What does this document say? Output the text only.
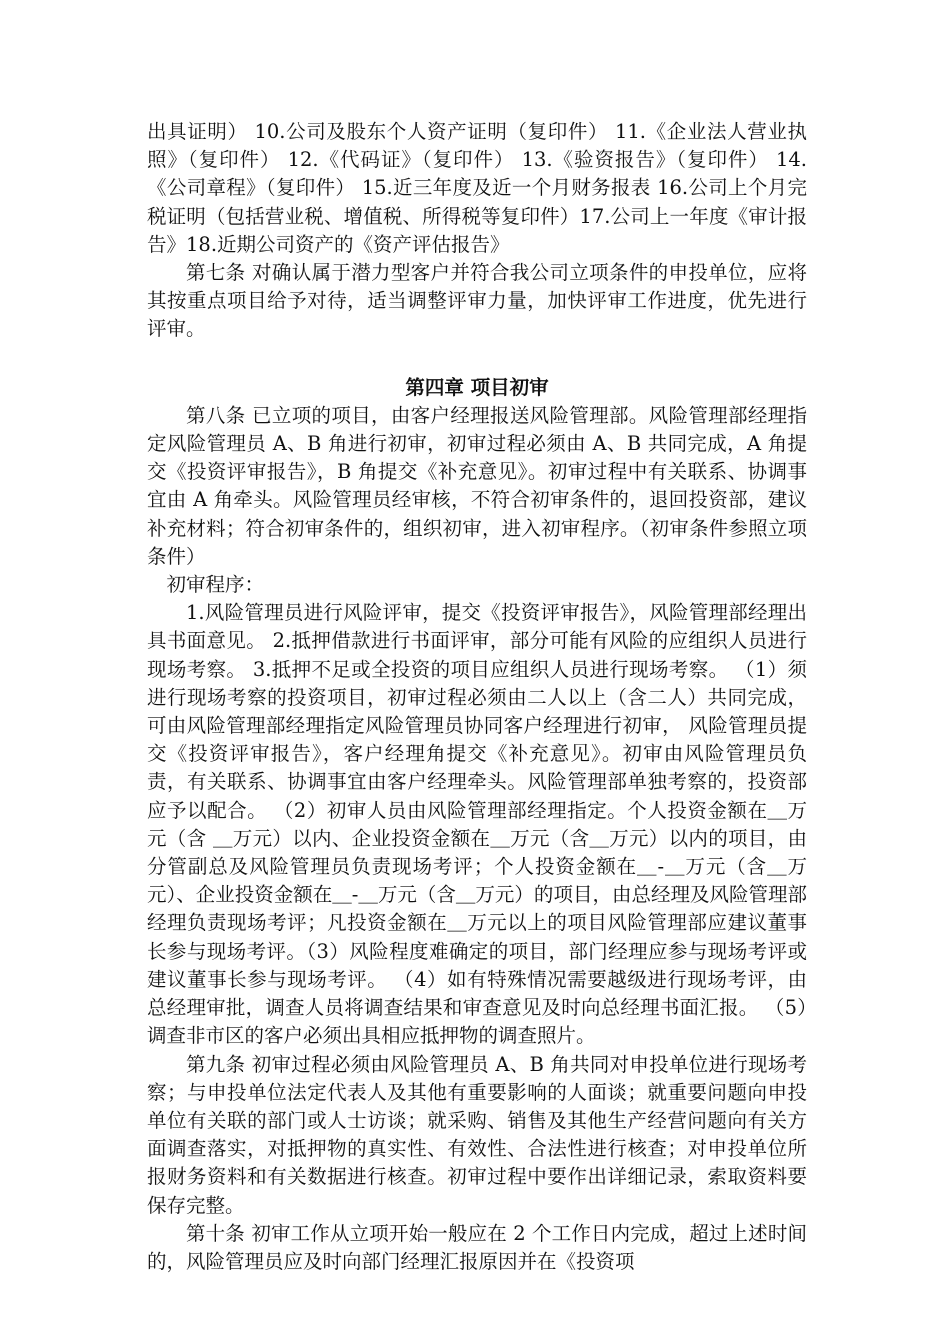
出具证明） 10.公司及股东个人资产证明（复印件） 11.《企业法人营业执照》（复印件） 12.《代码证》（复印件） 13.《验资报告》（复印件） 14.《公司章程》（复印件） 15.近三年度及近一个月财务报表 16.公司上个月完税证明（包括营业税、增值税、所得税等复印件）17.公司上一年度《审计报告》18.近期公司资产的《资产评估报告》

第七条 对确认属于潜力型客户并符合我公司立项条件的申投单位，应将其按重点项目给予对待，适当调整评审力量，加快评审工作进度，优先进行评审。

第四章 项目初审

第八条 已立项的项目，由客户经理报送风险管理部。风险管理部经理指定风险管理员 A、B 角进行初审，初审过程必须由 A、B 共同完成，A 角提交《投资评审报告》，B 角提交《补充意见》。初审过程中有关联系、协调事宜由 A 角牵头。风险管理员经审核，不符合初审条件的，退回投资部，建议补充材料；符合初审条件的，组织初审，进入初审程序。（初审条件参照立项条件）

初审程序：

1.风险管理员进行风险评审，提交《投资评审报告》，风险管理部经理出具书面意见。 2.抵押借款进行书面评审，部分可能有风险的应组织人员进行现场考察。 3.抵押不足或全投资的项目应组织人员进行现场考察。 （1）须进行现场考察的投资项目，初审过程必须由二人以上（含二人）共同完成，可由风险管理部经理指定风险管理员协同客户经理进行初审， 风险管理员提交《投资评审报告》，客户经理角提交《补充意见》。初审由风险管理员负责，有关联系、协调事宜由客户经理牵头。风险管理部单独考察的，投资部应予以配合。 （2）初审人员由风险管理部经理指定。个人投资金额在＿万元（含 ＿万元）以内、企业投资金额在＿万元（含＿万元）以内的项目，由分管副总及风险管理员负责现场考评；个人投资金额在＿-＿万元（含＿万元）、企业投资金额在＿-＿万元（含＿万元）的项目，由总经理及风险管理部经理负责现场考评；凡投资金额在＿万元以上的项目风险管理部应建议董事长参与现场考评。（3）风险程度难确定的项目，部门经理应参与现场考评或建议董事长参与现场考评。 （4）如有特殊情况需要越级进行现场考评，由总经理审批，调查人员将调查结果和审查意见及时向总经理书面汇报。 （5）调查非市区的客户必须出具相应抵押物的调查照片。

第九条 初审过程必须由风险管理员 A、B 角共同对申投单位进行现场考察；与申投单位法定代表人及其他有重要影响的人面谈；就重要问题向申投单位有关联的部门或人士访谈；就采购、销售及其他生产经营问题向有关方面调查落实，对抵押物的真实性、有效性、合法性进行核查；对申投单位所报财务资料和有关数据进行核查。初审过程中要作出详细记录，索取资料要保存完整。

第十条 初审工作从立项开始一般应在 2 个工作日内完成，超过上述时间的，风险管理员应及时向部门经理汇报原因并在《投资项
